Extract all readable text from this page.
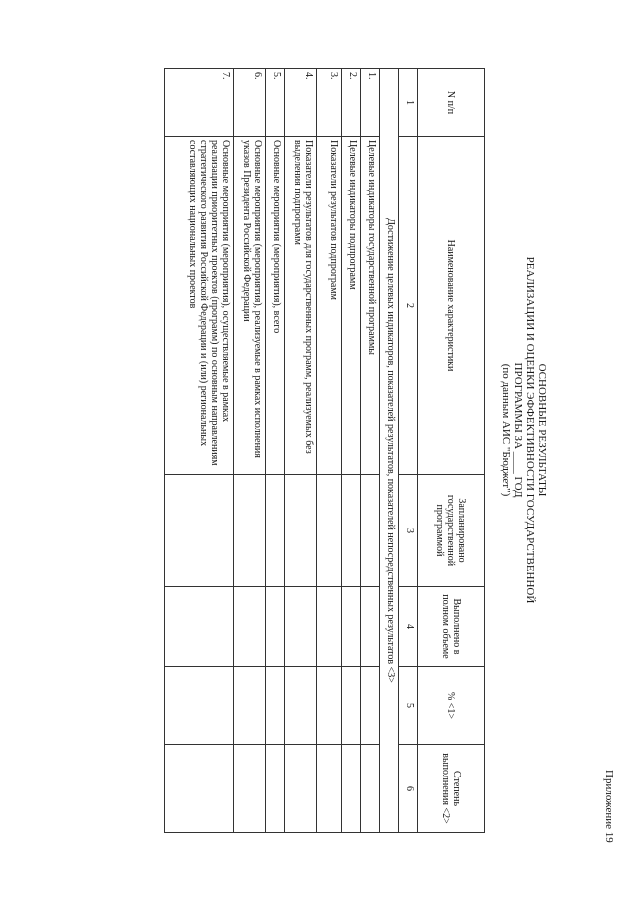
Приложение 19
ОСНОВНЫЕ РЕЗУЛЬТАТЫ
РЕАЛИЗАЦИИ И ОЦЕНКИ ЭФФЕКТИВНОСТИ ГОСУДАРСТВЕННОЙ
ПРОГРАММЫ ЗА ____ ГОД
(по данным АИС "Бюджет")
N п/п	Наименование характеристики	Запланировано государственной программой	Выполнено в полном объеме	% <1>	Степень выполнения <2>
1	2	3	4	5	6
Достижение целевых индикаторов, показателей результатов, показателей непосредственных результатов <3>					
1.	Целевые индикаторы государственной программы				
2.	Целевые индикаторы подпрограмм				
3.	Показатели результатов подпрограмм				
4.	Показатели результатов для государственных программ, реализуемых без выделения подпрограмм				
5.	Основные мероприятия (мероприятия), всего				
6.	Основные мероприятия (мероприятия), реализуемые в рамках исполнения указов Президента Российской Федерации				
7.	Основные мероприятия (мероприятия), осуществляемые в рамках реализации приоритетных проектов (программ) по основным направлениям стратегического развития Российской Федерации и (или) региональных составляющих национальных проектов				
